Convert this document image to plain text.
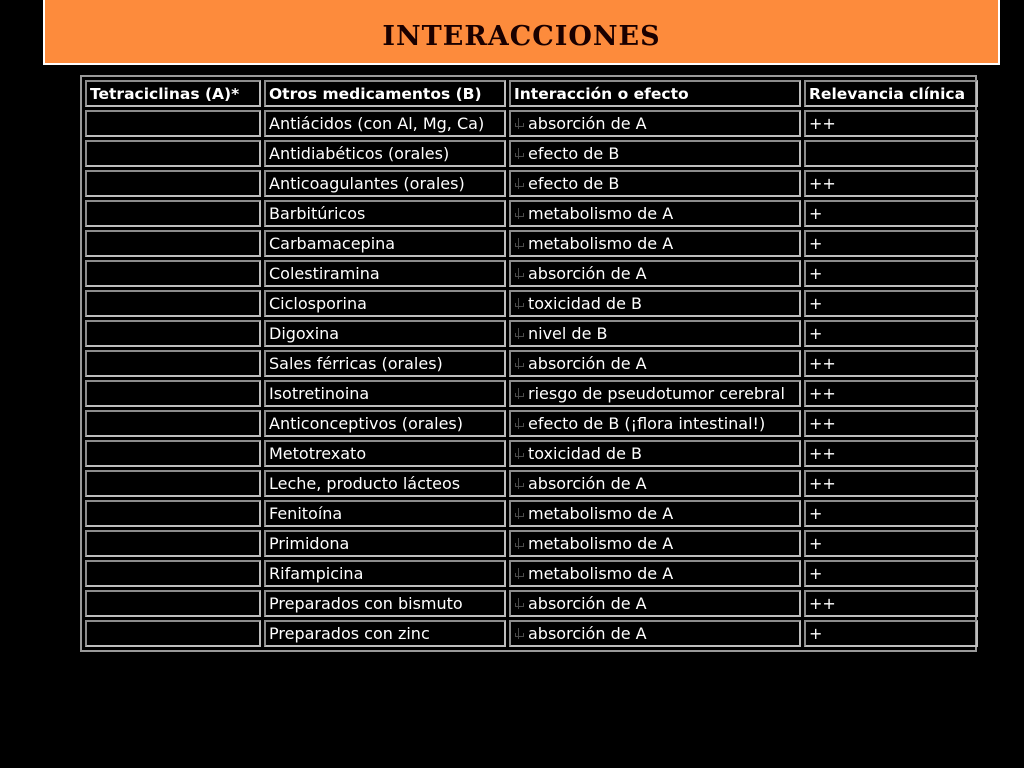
interacciones
Tetraciclinas (A)*	Otros medicamentos (B)	Interacción o efecto	Relevancia clínica
	Antiácidos (con Al, Mg, Ca)	absorción de A	++
	Antidiabéticos (orales)	efecto de B	
	Anticoagulantes (orales)	efecto de B	++
	Barbitúricos	metabolismo de A	+
	Carbamacepina	metabolismo de A	+
	Colestiramina	absorción de A	+
	Ciclosporina	toxicidad de B	+
	Digoxina	nivel de B	+
	Sales férricas (orales)	absorción de A	++
	Isotretinoina	riesgo de pseudotumor cerebral	++
	Anticonceptivos (orales)	efecto de B (¡flora intestinal!)	++
	Metotrexato	toxicidad de B	++
	Leche, producto lácteos	absorción de A	++
	Fenitoína	metabolismo de A	+
	Primidona	metabolismo de A	+
	Rifampicina	metabolismo de A	+
	Preparados con bismuto	absorción de A	++
	Preparados con zinc	absorción de A	+
